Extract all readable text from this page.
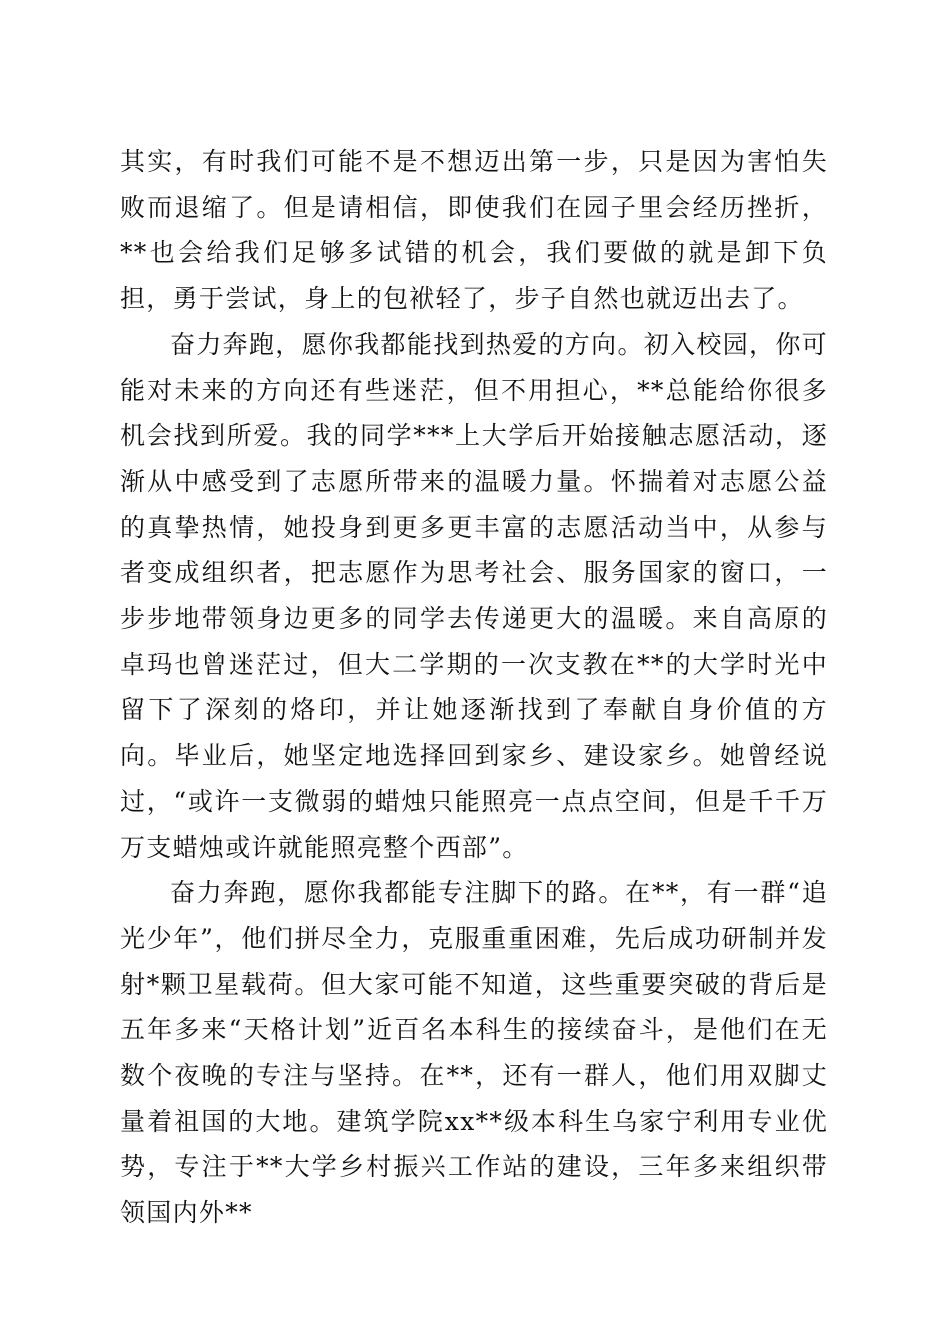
其实，有时我们可能不是不想迈出第一步，只是因为害怕失败而退缩了。但是请相信，即使我们在园子里会经历挫折，**也会给我们足够多试错的机会，我们要做的就是卸下负担，勇于尝试，身上的包袱轻了，步子自然也就迈出去了。

奋力奔跑，愿你我都能找到热爱的方向。初入校园，你可能对未来的方向还有些迷茫，但不用担心，**总能给你很多机会找到所爱。我的同学***上大学后开始接触志愿活动，逐渐从中感受到了志愿所带来的温暖力量。怀揣着对志愿公益的真挚热情，她投身到更多更丰富的志愿活动当中，从参与者变成组织者，把志愿作为思考社会、服务国家的窗口，一步步地带领身边更多的同学去传递更大的温暖。来自高原的卓玛也曾迷茫过，但大二学期的一次支教在**的大学时光中留下了深刻的烙印，并让她逐渐找到了奉献自身价值的方向。毕业后，她坚定地选择回到家乡、建设家乡。她曾经说过，“或许一支微弱的蜡烛只能照亮一点点空间，但是千千万万支蜡烛或许就能照亮整个西部”。

奋力奔跑，愿你我都能专注脚下的路。在**，有一群“追光少年”，他们拼尽全力，克服重重困难，先后成功研制并发射*颗卫星载荷。但大家可能不知道，这些重要突破的背后是五年多来“天格计划”近百名本科生的接续奋斗，是他们在无数个夜晚的专注与坚持。在**，还有一群人，他们用双脚丈量着祖国的大地。建筑学院xx**级本科生乌家宁利用专业优势，专注于**大学乡村振兴工作站的建设，三年多来组织带领国内外**
